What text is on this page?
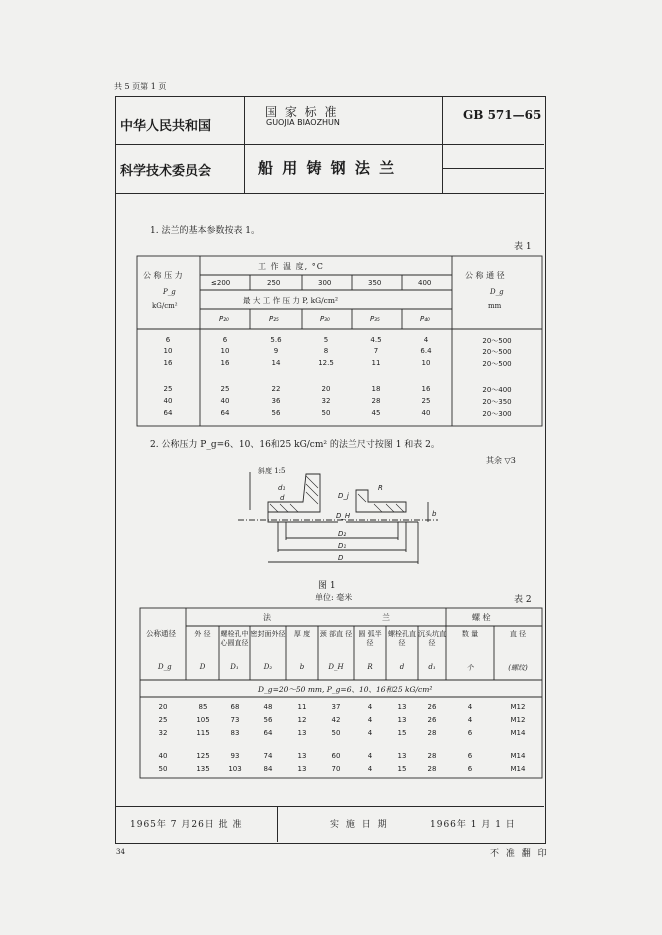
共 5 页第 1 页
中华人民共和国
科学技术委员会
国 家 标 准
GUOJIA BIAOZHUN
GB 571—65
船 用 铸 钢 法 兰
1. 法兰的基本参数按表 1。
表 1
公 称 压 力
P_g
kG/cm²
工 作 温 度, °C
≤200	250	300	350	400
最 大 工 作 压 力 P, kG/cm²
P₂₀	P₂₅	P₃₀	P₃₅	P₄₀
公 称 通 径
D_g
mm
6	6	5.6	5	4.5	4	20～500
10	10	9	8	7	6.4	20～500
16	16	14	12.5	11	10	20～500
25	25	22	20	18	16	20～400
40	40	36	32	28	25	20～350
64	64	56	50	45	40	20～300
2. 公称压力 P_g=6、10、16和25 kG/cm² 的法兰尺寸按图 1 和表 2。
其余 ▽3
d₁
d	D_j
D_H
R
D₂
D₁
D
b
斜度 1:5
图 1
单位: 毫米	表 2
公称通径
D_g
法	兰	螺 栓
外 径
D
螺栓孔中心圆直径
D₁
密封面外径
D₂
厚 度
b
颈 部直 径
D_H
圆 弧半 径
R
螺栓孔直 径
d
沉头坑直 径
d₁
数 量
个
直 径
(螺纹)
D_g=20～50 mm, P_g=6、10、16和25 kG/cm²
20	85	68	48	11	37	4	13	26	4	M12
25	105	73	56	12	42	4	13	26	4	M12
32	115	83	64	13	50	4	15	28	6	M14
40	125	93	74	13	60	4	13	28	6	M14
50	135	103	84	13	70	4	15	28	6	M14
1965年 7 月26日 批 准	实 施 日 期	1966年 1 月 1 日
34	不 准 翻 印
